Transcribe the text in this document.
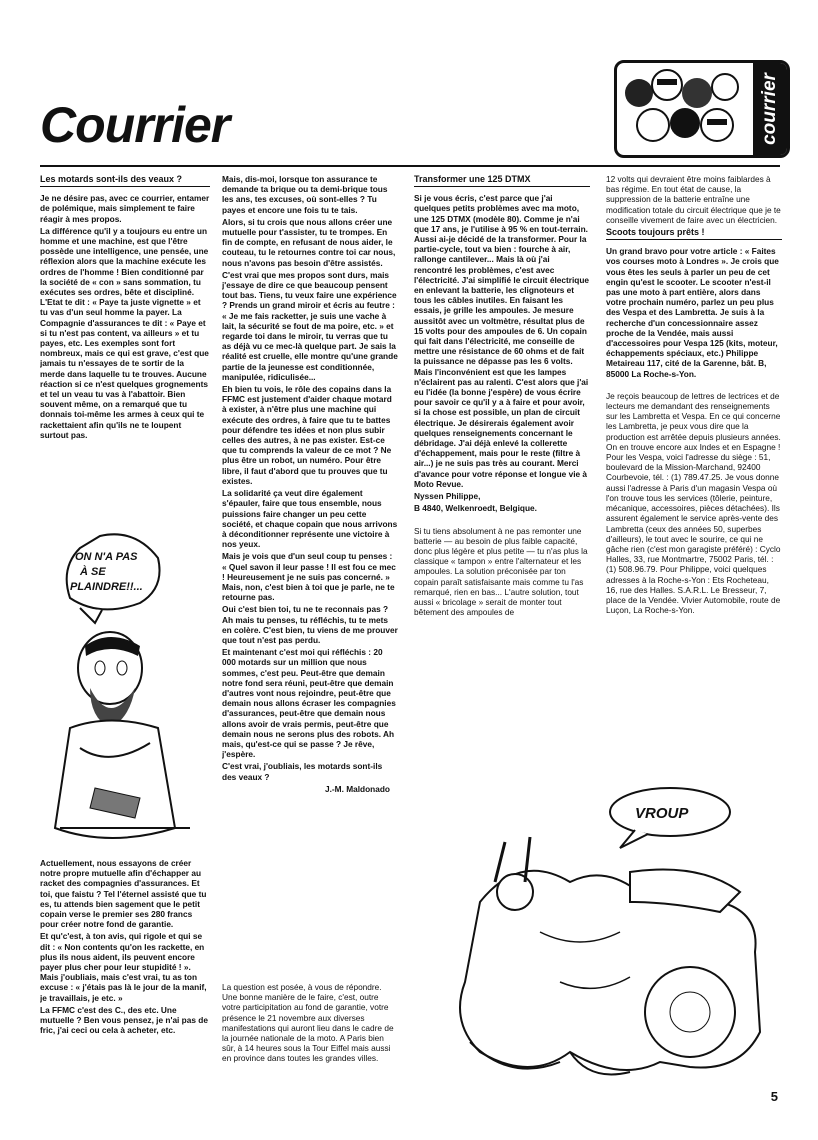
Courrier	courrier

Les motards sont-ils des veaux ?

Je ne désire pas, avec ce courrier, entamer de polémique, mais simplement te faire réagir à mes propos.

La différence qu'il y a toujours eu entre un homme et une machine, est que l'être possède une intelligence, une pensée, une réflexion alors que la machine exécute les ordres de l'homme ! Bien conditionné par la société de « con » sans sommation, tu exécutes ses ordres, bête et discipliné. L'Etat te dit : « Paye ta juste vignette » et tu vas d'un seul homme la payer. La Compagnie d'assurances te dit : « Paye et si tu n'est pas content, va ailleurs » et tu payes, etc. Les exemples sont fort nombreux, mais ce qui est grave, c'est que jamais tu n'essayes de te sortir de la merde dans laquelle tu te trouves. Aucune réaction si ce n'est quelques grognements et tel un veau tu vas à l'abattoir. Bien souvent même, on a remarqué que tu donnais toi-même les armes à ceux qui te rackettaient afin qu'ils ne te loupent surtout pas.

ON N'A PAS
À SE
PLAINDRE!!...

Actuellement, nous essayons de créer notre propre mutuelle afin d'échapper au racket des compagnies d'assurances. Et toi, que faistu ? Tel l'éternel assisté que tu es, tu attends bien sagement que le petit copain verse le premier ses 280 francs pour créer notre fond de garantie.

Et qu'c'est, à ton avis, qui rigole et qui se dit : « Non contents qu'on les rackette, en plus ils nous aident, ils peuvent encore payer plus cher pour leur stupidité ! ». Mais j'oubliais, mais c'est vrai, tu as ton excuse : « j'étais pas là le jour de la manif, je travaillais, je etc. »

La FFMC c'est des C., des etc. Une mutuelle ? Ben vous pensez, je n'ai pas de fric, j'ai ceci ou cela à acheter, etc.

Mais, dis-moi, lorsque ton assurance te demande ta brique ou ta demi-brique tous les ans, tes excuses, où sont-elles ? Tu payes et encore une fois tu te tais.

Alors, si tu crois que nous allons créer une mutuelle pour t'assister, tu te trompes. En fin de compte, en refusant de nous aider, le couteau, tu le retournes contre toi car nous, nous n'avons pas besoin d'être assistés.

C'est vrai que mes propos sont durs, mais j'essaye de dire ce que beaucoup pensent tout bas. Tiens, tu veux faire une expérience ? Prends un grand miroir et écris au feutre : « Je me fais racketter, je suis une vache à lait, la sécurité se fout de ma poire, etc. » et regarde toi dans le miroir, tu verras que tu as déjà vu ce mec-là quelque part. Je sais la réalité est cruelle, elle montre qu'une grande partie de la jeunesse est conditionnée, manipulée, ridiculisée...

Eh bien tu vois, le rôle des copains dans la FFMC est justement d'aider chaque motard à exister, à n'être plus une machine qui exécute des ordres, à faire que tu te battes pour défendre tes idées et non plus subir celles des autres, à ne pas exister. Est-ce que tu comprends la valeur de ce mot ? Ne plus être un robot, un numéro. Pour être libre, il faut d'abord que tu prouves que tu existes.

La solidarité ça veut dire également s'épauler, faire que tous ensemble, nous puissions faire changer un peu cette société, et chaque copain que nous arrivons à déconditionner représente une victoire à nos yeux.

Mais je vois que d'un seul coup tu penses : « Quel savon il leur passe ! Il est fou ce mec ! Heureusement je ne suis pas concerné. » Mais, non, c'est bien à toi que je parle, ne te retourne pas.

Oui c'est bien toi, tu ne te reconnais pas ? Ah mais tu penses, tu réfléchis, tu te mets en colère. C'est bien, tu viens de me prouver que tout n'est pas perdu.

Et maintenant c'est moi qui réfléchis : 20 000 motards sur un million que nous sommes, c'est peu. Peut-être que demain notre fond sera réuni, peut-être que demain d'autres vont nous rejoindre, peut-être que demain nous allons écraser les compagnies d'assurances, peut-être que demain nous allons avoir de vrais permis, peut-être que demain nous ne serons plus des robots. Ah mais, qu'est-ce qui se passe ? Je rêve, j'espère.

C'est vrai, j'oubliais, les motards sont-ils des veaux ?

J.-M. Maldonado

La question est posée, à vous de répondre. Une bonne manière de le faire, c'est, outre votre participitation au fond de garantie, votre présence le 21 novembre aux diverses manifestations qui auront lieu dans le cadre de la journée nationale de la moto. A Paris bien sûr, à 14 heures sous la Tour Eiffel mais aussi en province dans toutes les grandes villes.

Transformer une 125 DTMX

Si je vous écris, c'est parce que j'ai quelques petits problèmes avec ma moto, une 125 DTMX (modèle 80). Comme je n'ai que 17 ans, je l'utilise à 95 % en tout-terrain. Aussi ai-je décidé de la transformer. Pour la partie-cycle, tout va bien : fourche à air, rallonge cantilever... Mais là où j'ai rencontré les problèmes, c'est avec l'électricité. J'ai simplifié le circuit électrique en enlevant la batterie, les clignoteurs et tous les câbles inutiles. En faisant les essais, je grille les ampoules. Je mesure aussitôt avec un voltmètre, résultat plus de 15 volts pour des ampoules de 6. Un copain qui fait dans l'électricité, me conseille de mettre une résistance de 60 ohms et de fait la puissance ne dépasse pas les 6 volts. Mais l'inconvénient est que les lampes n'éclairent pas au ralenti. C'est alors que j'ai eu l'idée (la bonne j'espère) de vous écrire pour savoir ce qu'il y a à faire et pour avoir, si la chose est possible, un plan de circuit électrique. Je désirerais également avoir quelques renseignements concernant le débridage. J'ai déjà enlevé la collerette d'échappement, mais pour le reste (filtre à air...) je ne suis pas très au courant. Merci d'avance pour votre réponse et longue vie à Moto Revue.

Nyssen Philippe,

B 4840, Welkenroedt, Belgique.

Si tu tiens absolument à ne pas remonter une batterie — au besoin de plus faible capacité, donc plus légère et plus petite — tu n'as plus la classique « tampon » entre l'alternateur et les ampoules. La solution préconisée par ton copain paraît satisfaisante mais comme tu l'as remarqué, rien en bas... L'autre solution, tout aussi « bricolage » serait de monter tout bêtement des ampoules de

12 volts qui devraient être moins faiblardes à bas régime. En tout état de cause, la suppression de la batterie entraîne une modification totale du circuit électrique que je te conseille vivement de faire avec un électricien.

Scoots toujours prêts !

Un grand bravo pour votre article : « Faites vos courses moto à Londres ». Je crois que vous êtes les seuls à parler un peu de cet engin qu'est le scooter. Le scooter n'est-il pas une moto à part entière, alors dans votre prochain numéro, parlez un peu plus des Vespa et des Lambretta. Je suis à la recherche d'un concessionnaire assez proche de la Vendée, mais aussi d'accessoires pour Vespa 125 (kits, moteur, échappements spéciaux, etc.) Philippe Metaireau 117, cité de la Garenne, bât. B, 85000 La Roche-s-Yon.

Je reçois beaucoup de lettres de lectrices et de lecteurs me demandant des renseignements sur les Lambretta et Vespa. En ce qui concerne les Lambretta, je peux vous dire que la production est arrêtée depuis plusieurs années. On en trouve encore aux Indes et en Espagne ! Pour les Vespa, voici l'adresse du siège : 51, boulevard de la Mission-Marchand, 92400 Courbevoie, tél. : (1) 789.47.25. Je vous donne aussi l'adresse à Paris d'un magasin Vespa où l'on trouve tous les services (tôlerie, peinture, mécanique, accessoires, pièces détachées). Ils assurent également le service après-vente des Lambretta (ceux des années 50, superbes d'ailleurs), le tout avec le sourire, ce qui ne gâche rien (c'est mon garagiste préféré) : Cyclo Halles, 33, rue Montmartre, 75002 Paris, tél. : (1) 508.96.79. Pour Philippe, voici quelques adresses à la Roche-s-Yon : Ets Rocheteau, 16, rue des Halles. S.A.R.L. Le Bresseur, 7, place de la Vendée. Vivier Automobile, route de Luçon, La Roche-s-Yon.

VROUP
5
